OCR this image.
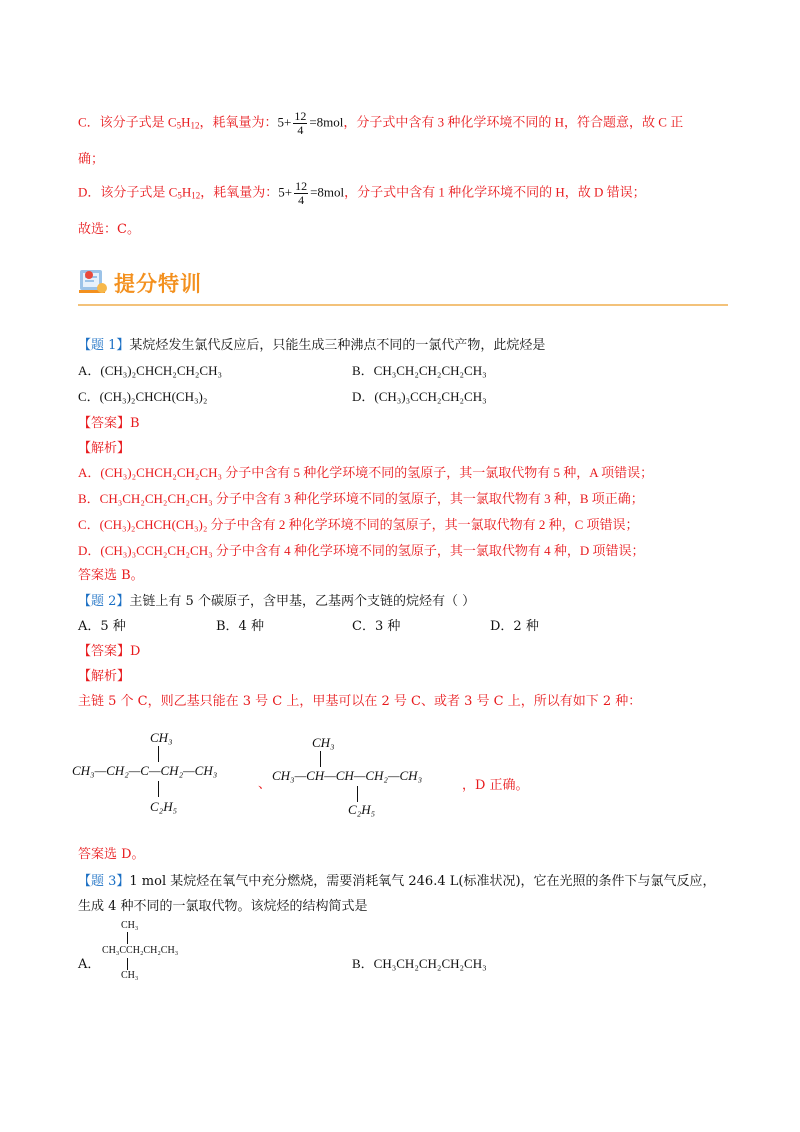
C．该分子式是 $C_5H_{12}$，耗氧量为：$5+ \frac{12}{4} =8mol$，分子式中含有 3 种化学环境不同的 H，符合题意，故 C 正
确；
D．该分子式是 $C_5H_{12}$，耗氧量为：$5+ \frac{12}{4} =8mol$，分子式中含有 1 种化学环境不同的 H，故 D 错误；
故选：C。
提分特训
【题 1】某烷烃发生氯代反应后，只能生成三种沸点不同的一氯代产物，此烷烃是
A．(CH₃)₂CHCH₂CH₂CH₃	B．CH₃CH₂CH₂CH₂CH₃
C．(CH₃)₂CHCH(CH₃)₂	D．(CH₃)₃CCH₂CH₂CH₃
【答案】B
【解析】
A．(CH₃)₂CHCH₂CH₂CH₃ 分子中含有 5 种化学环境不同的氢原子，其一氯取代物有 5 种，A 项错误；
B．CH₃CH₂CH₂CH₂CH₃ 分子中含有 3 种化学环境不同的氢原子，其一氯取代物有 3 种，B 项正确；
C．(CH₃)₂CHCH(CH₃)₂ 分子中含有 2 种化学环境不同的氢原子，其一氯取代物有 2 种，C 项错误；
D．(CH₃)₃CCH₂CH₂CH₃ 分子中含有 4 种化学环境不同的氢原子，其一氯取代物有 4 种，D 项错误；
答案选 B。
【题 2】主链上有 5 个碳原子，含甲基，乙基两个支链的烷烃有（ ）
A．5 种	B．4 种	C．3 种	D．2 种
【答案】D
【解析】
主链 5 个 C，则乙基只能在 3 号 C 上，甲基可以在 2 号 C、或者 3 号 C 上，所以有如下 2 种：
CH₃
CH₃—CH₂—C—CH₂—CH₃
C₂H₅
、
CH₃
CH₃—CH—CH—CH₂—CH₃
C₂H₅
，D 正确。
答案选 D。
【题 3】1 mol 某烷烃在氧气中充分燃烧，需要消耗氧气 246.4 L(标准状况)，它在光照的条件下与氯气反应，
生成 4 种不同的一氯取代物。该烷烃的结构简式是
A．
CH₃
CH₃CCH₂CH₂CH₃
CH₃
B．CH₃CH₂CH₂CH₂CH₃
